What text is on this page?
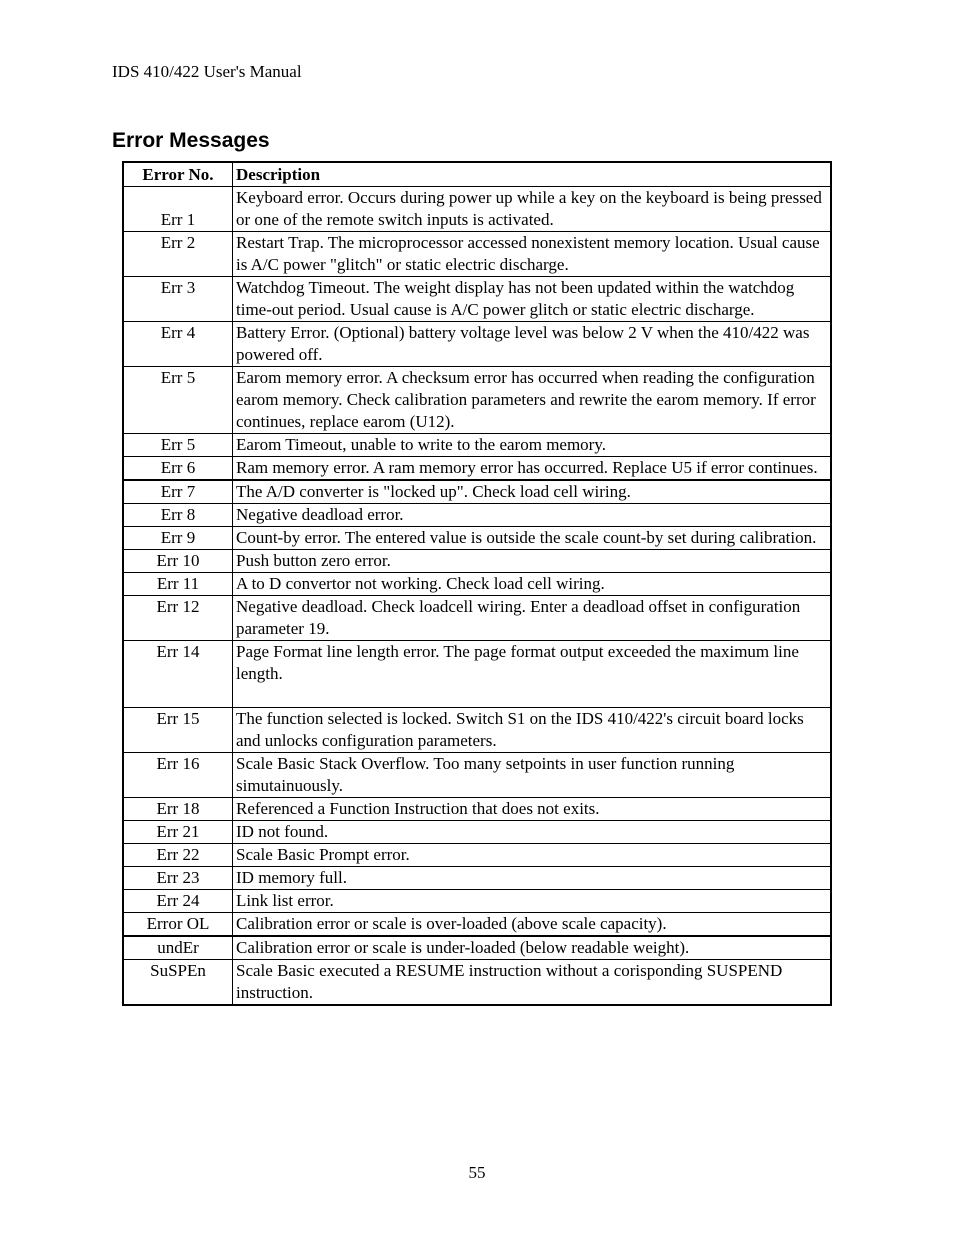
IDS 410/422 User's Manual
Error Messages
Error No.	Description
Err 1	Keyboard error. Occurs during power up while a key on the keyboard is being pressed or one of the remote switch inputs is activated.
Err 2	Restart Trap. The microprocessor accessed nonexistent memory location. Usual cause is A/C power "glitch" or static electric discharge.
Err 3	Watchdog Timeout. The weight display has not been updated within the watchdog time-out period. Usual cause is A/C power glitch or static electric discharge.
Err 4	Battery Error. (Optional) battery voltage level was below 2 V when the 410/422 was powered off.
Err 5	Earom memory error. A checksum error has occurred when reading the configuration earom memory. Check calibration parameters and rewrite the earom memory. If error continues, replace earom (U12).
Err 5	Earom Timeout, unable to write to the earom memory.
Err 6	Ram memory error. A ram memory error has occurred. Replace U5 if error continues.
Err 7	The A/D converter is "locked up". Check load cell wiring.
Err 8	Negative deadload error.
Err 9	Count-by error. The entered value is outside the scale count-by set during calibration.
Err 10	Push button zero error.
Err 11	A to D convertor not working. Check load cell wiring.
Err 12	Negative deadload. Check loadcell wiring. Enter a deadload offset in configuration parameter 19.
Err 14	Page Format line length error. The page format output exceeded the maximum line length.
Err 15	The function selected is locked. Switch S1 on the IDS 410/422's circuit board locks and unlocks configuration parameters.
Err 16	Scale Basic Stack Overflow. Too many setpoints in user function running simutainuously.
Err 18	Referenced a Function Instruction that does not exits.
Err 21	ID not found.
Err 22	Scale Basic Prompt error.
Err 23	ID memory full.
Err 24	Link list error.
Error OL	Calibration error or scale is over-loaded (above scale capacity).
undEr	Calibration error or scale is under-loaded (below readable weight).
SuSPEn	Scale Basic executed a RESUME instruction without a corisponding SUSPEND instruction.
55
